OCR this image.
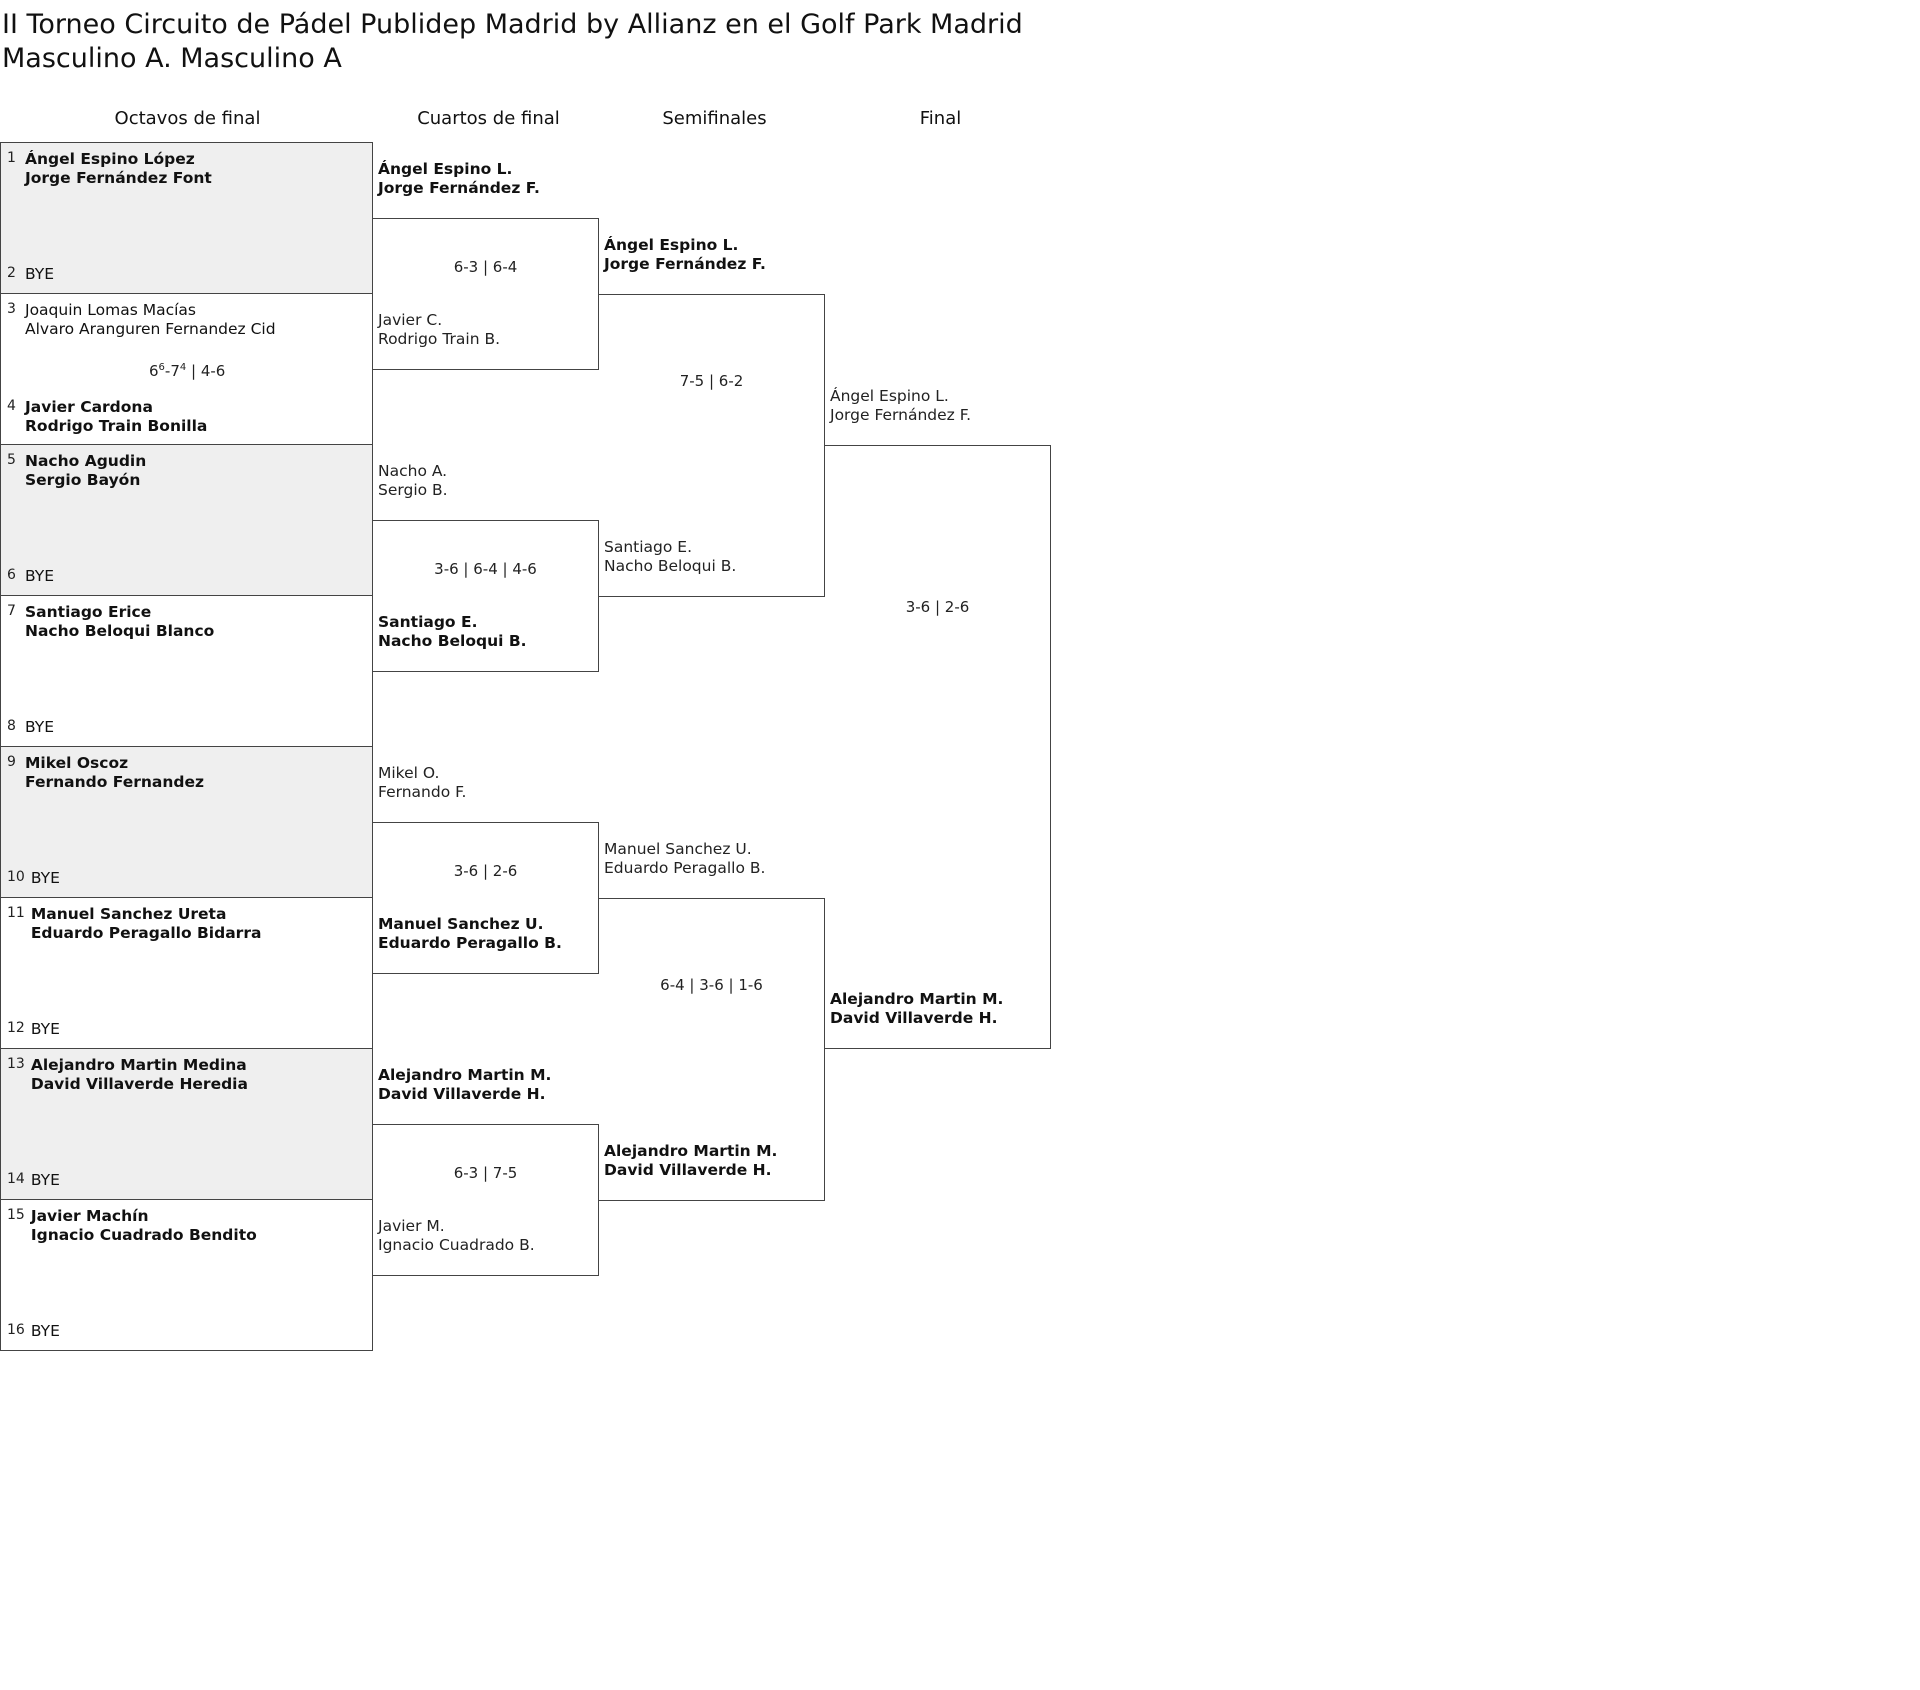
II Torneo Circuito de Pádel Publidep Madrid by Allianz en el Golf Park Madrid
Masculino A. Masculino A
Octavos de final	Cuartos de final	Semifinales	Final
1 Ángel Espino López
Jorge Fernández Font
2 BYE
3 Joaquin Lomas Macías
Alvaro Aranguren Fernandez Cid
4 Javier Cardona
Rodrigo Train Bonilla
$6^6-7^4$ | 4-6
5 Nacho Agudin
Sergio Bayón
6 BYE
7 Santiago Erice
Nacho Beloqui Blanco
8 BYE
9 Mikel Oscoz
Fernando Fernandez
10 BYE
11 Manuel Sanchez Ureta
Eduardo Peragallo Bidarra
12 BYE
13 Alejandro Martin Medina
David Villaverde Heredia
14 BYE
15 Javier Machín
Ignacio Cuadrado Bendito
16 BYE
Ángel Espino L.
Jorge Fernández F.
Javier C.
Rodrigo Train B.
6-3 | 6-4
Nacho A.
Sergio B.
Santiago E.
Nacho Beloqui B.
3-6 | 6-4 | 4-6
Mikel O.
Fernando F.
Manuel Sanchez U.
Eduardo Peragallo B.
3-6 | 2-6
Alejandro Martin M.
David Villaverde H.
Javier M.
Ignacio Cuadrado B.
6-3 | 7-5
Ángel Espino L.
Jorge Fernández F.
Santiago E.
Nacho Beloqui B.
7-5 | 6-2
Manuel Sanchez U.
Eduardo Peragallo B.
Alejandro Martin M.
David Villaverde H.
6-4 | 3-6 | 1-6
Ángel Espino L.
Jorge Fernández F.
Alejandro Martin M.
David Villaverde H.
3-6 | 2-6
